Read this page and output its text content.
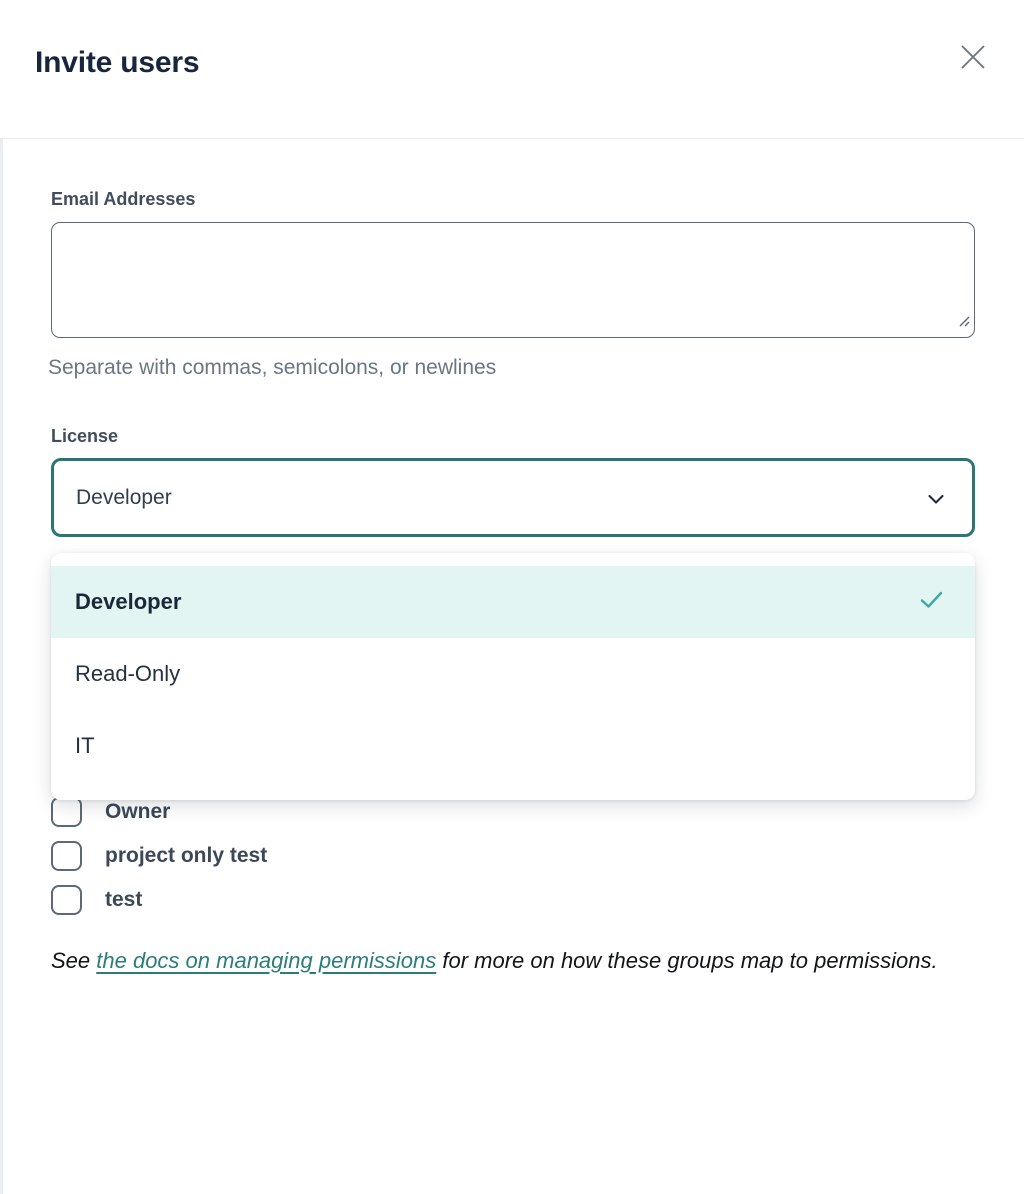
Invite users
Email Addresses
Separate with commas, semicolons, or newlines
License
Developer
Developer
Read-Only
IT
Owner
project only test
test

See the docs on managing permissions for more on how these groups map to permissions.
